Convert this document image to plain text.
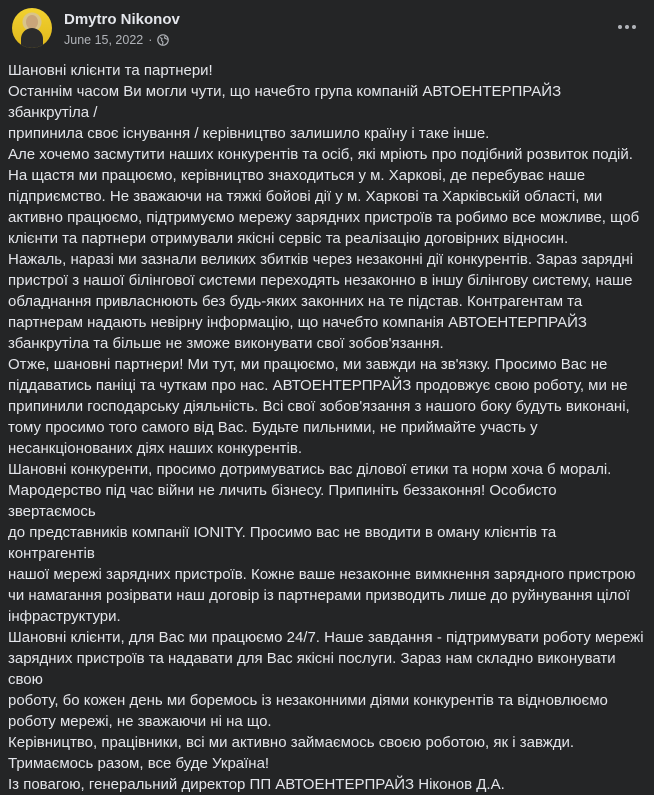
Dmytro Nikonov
June 15, 2022 ·

Шановні клієнти та партнери!

Останнім часом Ви могли чути, що начебто група компаній АВТОЕНТЕРПРАЙЗ збанкрутіла /

припинила своє існування / керівництво залишило країну і таке інше.

Але хочемо засмутити наших конкурентів та осіб, які мріють про подібний розвиток подій.

На щастя ми працюємо, керівництво знаходиться у м. Харкові, де перебуває наше

підприємство. Не зважаючи на тяжкі бойові дії у м. Харкові та Харківській області, ми

активно працюємо, підтримуємо мережу зарядних пристроїв та робимо все можливе, щоб

клієнти та партнери отримували якісні сервіс та реалізацію договірних відносин.

Нажаль, наразі ми зазнали великих збитків через незаконні дії конкурентів. Зараз зарядні

пристрої з нашої білінгової системи переходять незаконно в іншу білінгову систему, наше

обладнання привласнюють без будь-яких законних на те підстав. Контрагентам та

партнерам надають невірну інформацію, що начебто компанія АВТОЕНТЕРПРАЙЗ

збанкрутіла та більше не зможе виконувати свої зобов'язання.

Отже, шановні партнери! Ми тут, ми працюємо, ми завжди на зв'язку. Просимо Вас не

піддаватись паніці та чуткам про нас. АВТОЕНТЕРПРАЙЗ продовжує свою роботу, ми не

припинили господарську діяльність. Всі свої зобов'язання з нашого боку будуть виконані,

тому просимо того самого від Вас. Будьте пильними, не приймайте участь у

несанкціонованих діях наших конкурентів.

Шановні конкуренти, просимо дотримуватись вас ділової етики та норм хоча б моралі.

Мародерство під час війни не личить бізнесу. Припиніть беззаконня! Особисто звертаємось

до представників компанії IONITY. Просимо вас не вводити в оману клієнтів та контрагентів

нашої мережі зарядних пристроїв. Кожне ваше незаконне вимкнення зарядного пристрою

чи намагання розірвати наш договір із партнерами призводить лише до руйнування цілої

інфраструктури.

Шановні клієнти, для Вас ми працюємо 24/7. Наше завдання - підтримувати роботу мережі

зарядних пристроїв та надавати для Вас якісні послуги. Зараз нам складно виконувати свою

роботу, бо кожен день ми боремось із незаконними діями конкурентів та відновлюємо

роботу мережі, не зважаючи ні на що.

Керівництво, працівники, всі ми активно займаємось своєю роботою, як і завжди.

Тримаємось разом, все буде Україна!

Із повагою, генеральний директор ПП АВТОЕНТЕРПРАЙЗ Ніконов Д.А.
